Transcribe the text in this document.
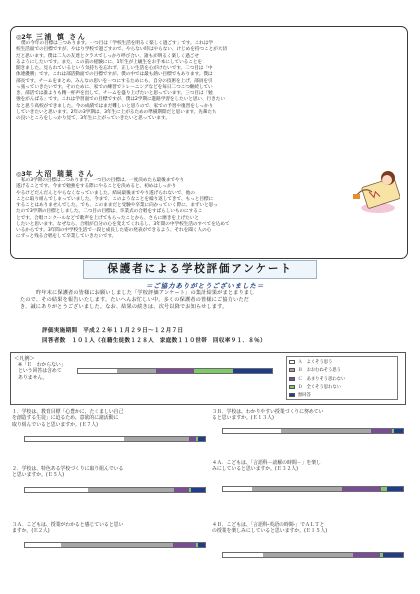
◎2年 三浦 慎 さん
僕の今年の目標は三つあります。一つ目は「学校生活を明るく楽しく過ごす」です。これは学
校生活面での目標ですが、やはり学校で過ごすので、やらない時はやらない、けじめを持つことが大切
だと思います。僕は二人の友達とクラスでしっかり呼び合い、誰もが明るく楽しく過ごせ
るようにしたいです。また、この前の経験にに、1年生が上級生をお手本にしていることを
開きました。見られているという気持ちを忘れず、正しい生活を心がけたいです。二つ目は「中
体連優勝」です。これは部活動面での目標ですが、僕の中では最も熱い目標でもあります。僕は
部長です。チームをまとめ、みんなの思いを一つにするためにも、自分の技術を上げ、部員を引
っ張っていきたいです。そのために、家での練習でトレーニングなどを毎日二つこつ継続してい
き、部活では誰よりも精一杯声を出して、チームを盛り上げたいと思っています。三つ目は「勉
強をがんばる」です。これは学習面での目標ですが、僕は2学期に進路学習をしたいと思い、行きたい
なと思う高校ができました。今の成績ではまだ難しいと思うので、家での予習や復習をしっかり
していきたいと思います。2年の3学期は、3年生に上がるための準備期間だと思います。先輩たち
の良いところをしっかり見て、3年生に上がっていきたいと思っています。
◎3年 大沼 瑞葉 さん
私の3学期の目標は二つあります。一つ目の目標は、一度決めたら最後までやり
遂げることです。今まで勉強をする際にやることを決めると、初めはしっかり
やるけどだんだんとやらなくなっていました。結局最後までやり遂げられないで、他の
ことに取り組んでしまっていました。今まで、このようなことを繰り返してきて、もっと目標に
することはありませんでした。でも、このままだと受験や卒業に向かっていく際に、まずいと思っ
たので3学期の目標としました。二つ目の目標は、卒業式の合唱をすばらしいものにするこ
とです。合唱コンクールなどで歌声を上げてもらったことから、さらに磨きを上げたいと
したいと思います。なぜなら、合唱が自分の心を変えてくれるし、3年間の中学校生活のすべてを込めて
いるからです。3年間の中学校生活で一段と成長した姿の発表ができるよう、それを聞く人の心
にずっと残る合唱をして卒業していきたいです。
保護者による学校評価アンケート
＝ご協力ありがとうございました＝
昨年末に保護者の皆様にお願いしました「学校評価アンケート」の集計結果がまとまりまし
たので、その結果を報告いたします。たいへんお忙しい中、多くの保護者の皆様にご協力いただ
き、誠にありがとうございました。なお、結果の続きは、次号以降でお知らせします。
評価実施期間　平成２２年１１月２９日～１２月７日
回答者数　１０１人（在籍生徒数１２８人　家庭数１１０世帯　回収率９１．８％）
＜凡例＞
※「Ｅ　わからない」
という回答は含めて
ありません。
Ａ　よくそう思う
Ｂ　おおむねそう思う
Ｃ　あまりそう思わない
Ｄ　全くそう思わない
無回答
１．学校は、教育目標「心豊かに、たくましい自己
を創造する生徒」に迫るため、意欲的に諸活動に
取り組んでいると思いますか。(Ｅ７人)
２．学校は、特色ある学校づくりに取り組んでいる
と思いますか。(Ｅ５人)
３Ａ．こどもは、授業がわかると感じていると思い
ますか。(Ｅ２人)
３Ｂ．学校は、わかりやすい授業づくりに努めてい
ると思いますか。(Ｅ１３人)
４Ａ．こどもは、「言語科－読解の時間－」を楽し
みにしていると思いますか。(Ｅ３２人)
４Ｂ．こどもは、「言語科-英語の時間-」でＡＬＴと
の授業を楽しみにしていると思いますか。(Ｅ１５人)
